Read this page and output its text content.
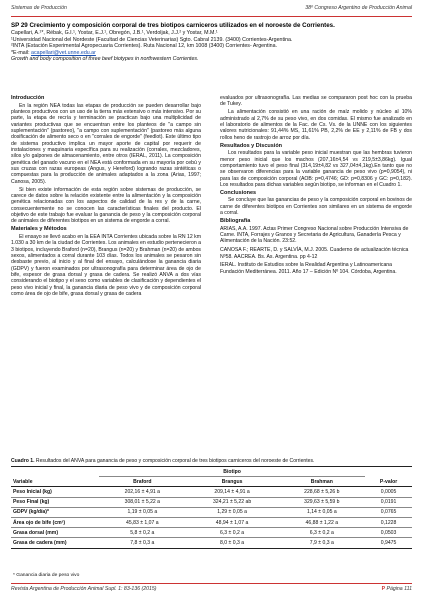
Sistemas de Producción	38º Congreso Argentino de Producción Animal
SP 29 Crecimiento y composición corporal de tres biotipos carniceros utilizados en el noroeste de Corrientes.
Capellari, A.¹*, Rébak, G.I.¹, Yostar, E.J.¹, Obregón, J.B.¹, Verdoljak, J.J.² y Yostar, M.M.¹
¹Universidad Nacional del Nordeste (Facultad de Ciencias Veterinarias) Sgto. Cabral 2139. (3400) Corrientes-Argentina.
²INTA (Estación Experimental Agropecuaria Corrientes). Ruta Nacional 12, km 1008 (3400) Corrientes- Argentina.
*E-mail: acapellari@vet.unne.edu.ar
Growth and body composition of three beef biotypes in northwestern Corrientes.
Introducción

En la región NEA todas las etapas de producción se pueden desarrollar bajo planteos productivos con un uso de la tierra más extensivo o más intensivo. Por su parte, la etapa de recría y terminación se practican bajo una multiplicidad de variantes productivas que se encuentran entre los planteos de "a campo sin suplementación" (pastoreo), "a campo con suplementación" (pastoreo más alguna dosificación de alimento seco o en "corrales de engorde" (feedlot). Este último tipo de sistema productivo implica un mayor aporte de capital por requerir de instalaciones y maquinaria específica para su realización (corrales, mezcladores, silos y/o galpones de almacenamiento, entre otros (IERAL, 2011). La composición genética del ganado vacuno en el NEA está conformada en su mayoría por cebú y sus cruzas con razas europeas (Angus, y Hereford) logrando razas sintéticas o compuestas para la producción de animales adaptados a la zona (Arias, 1997; Canosa, 2005).

Si bien existe información de esta región sobre sistemas de producción, se carece de datos sobre la relación existente entre la alimentación y la composición genética relacionadas con los aspectos de calidad de la res y de la carne, consecuentemente no se conocen las características finales del producto. El objetivo de este trabajo fue evaluar la ganancia de peso y la composición corporal de animales de diferentes biotipos en un sistema de engorde a corral.

Materiales y Métodos

El ensayo se llevó acabo en la EEA INTA Corrientes ubicada sobre la RN 12 km 1.030 a 30 km de la ciudad de Corrientes. Los animales en estudio pertenecieron a 3 biotipos, incluyendo Braford (n=20), Brangus (n=20) y Brahman (n=20) de ambos sexos, alimentados a corral durante 103 días. Todos los animales se pesaron sin desbaste previo, al inicio y al final del ensayo, calculándose la ganancia diaria (GDPV) y fueron examinados por ultrasonografía para determinar área de ojo de bife, espesor de grasa dorsal y grasa de cadera. Se realizó ANVA a dos vías considerando el biotipo y el sexo como variables de clasificación y dependientes el peso vivo inicial y final, la ganancia diaria de peso vivo y de composición corporal como área de ojo de bife, grasa dorsal y grasa de cadera

evaluados por ultrasonografía. Las medias se compararon post hoc con la prueba de Tukey.

La alimentación consistió en una ración de maíz molido y núcleo al 10% administrado al 2,7% de su peso vivo, en dos comidas. El mismo fue analizado en el laboratorio de alimentos de la Fac. de Cs. Vs. de la UNNE con los siguientes valores nutricionales: 91,44% MS, 11,61% PB, 2,2% de EE y 2,11% de FB y dos rollos heno de rastrojo de arroz por día.

Resultados y Discusión

Los resultados para la variable peso inicial muestran que las hembras tuvieron menor peso inicial que los machos (207,16±4,54 vs 219,5±3,86kg). Igual comportamiento tuvo el peso final (314,19±4,82 vs 327,04±4,1kg).En tanto que no se observaron diferencias para la variable ganancia de peso vivo (p=0,9054), ni para las de composición corporal (AOB: p=0,4746; GD: p=0,8306 y GC: p=0,182). Los resultados para dichas variables según biotipo, se informan en el Cuadro 1.

Conclusiones

Se concluye que las ganancias de peso y la composición corporal en bovinos de carne de diferentes biotipos en Corrientes son similares en un sistema de engorde a corral.

Bibliografía

ARIAS, A.A. 1997. Actas Primer Congreso Nacional sobre Producción Intensiva de Carne. INTA, Forrajes y Granos y Secretaria de Agricultura, Ganadería Pesca y Alimentación de la Nación. 23:52.

CANOSA F.; REARTE, D. y SALVÍA, M.J. 2005. Cuaderno de actualización técnica Nº58. AACREA. Bs. As. Argentina. pp 4-12

IERAL. Instituto de Estudios sobre la Realidad Argentina y Latinoamericana Fundación Mediterránea. 2011. Año 17 – Edición Nº 104. Córdoba, Argentina.

Cuadro 1. Resultados del ANVA para ganancia de peso y composición corporal de tres biotipos carniceros del noroeste de Corrientes.
	Biotipo			
Variable	Braford	Brangus	Brahman	P-valor
Peso Inicial (kg)	202,16 ± 4,91 a	209,14 ± 4,91 a	228,68 ± 5,26 b	0,0005
Peso Final (kg)	308,01 ± 5,22 a	324,21 ± 5,22 ab	329,63 ± 5,59 b	0,0191
GDPV (kg/día)*	1,19 ± 0,05 a	1,29 ± 0,05 a	1,14 ± 0,05 a	0,0765
Área ojo de bife (cm²)	45,83 ± 1,07 a	48,94 ± 1,07 a	46,88 ± 1,22 a	0,1228
Grasa dorsal (mm)	5,8 ± 0,2 a	6,3 ± 0,2 a	6,3 ± 0,2 a	0,0503
Grasa de cadera (mm)	7,8 ± 0,3 a	8,0 ± 0,3 a	7,9 ± 0,3 a	0,9475
* Ganancia diaria de peso vivo
Revista Argentina de Producción Animal Supl. 1: 83-136 (2015)	P Página 111
